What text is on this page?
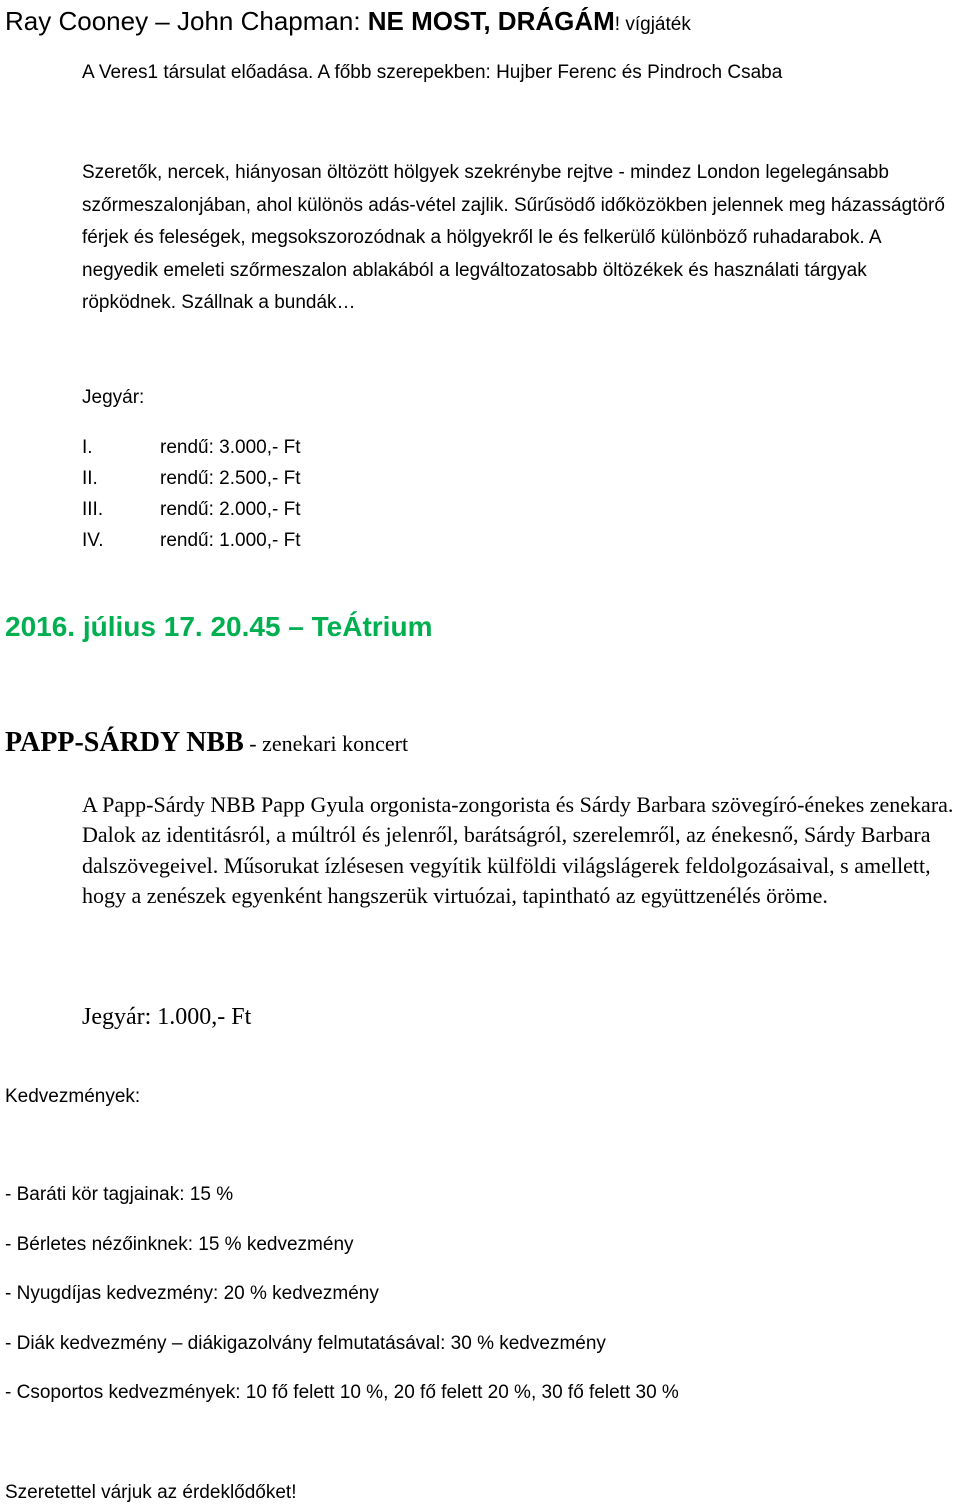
Ray Cooney – John Chapman: NE MOST, DRÁGÁM! vígjáték
A Veres1 társulat előadása. A főbb szerepekben: Hujber Ferenc és Pindroch Csaba
Szeretők, nercek, hiányosan öltözött hölgyek szekrénybe rejtve - mindez London legelegánsabb szőrmeszalonjában, ahol különös adás-vétel zajlik. Sűrűsödő időközökben jelennek meg házasságtörő férjek és feleségek, megsokszorozódnak a hölgyekről le és felkerülő különböző ruhadarabok. A negyedik emeleti szőrmeszalon ablakából a legváltozatosabb öltözékek és használati tárgyak röpködnek. Szállnak a bundák…
Jegyár:
I.	rendű: 3.000,- Ft
II.	rendű: 2.500,- Ft
III.	rendű: 2.000,- Ft
IV.	rendű: 1.000,- Ft
2016. július 17. 20.45 – TeÁtrium
PAPP-SÁRDY NBB - zenekari koncert
A Papp-Sárdy NBB Papp Gyula orgonista-zongorista és Sárdy Barbara szövegíró-énekes zenekara. Dalok az identitásról, a múltról és jelenről, barátságról, szerelemről, az énekesnő, Sárdy Barbara dalszövegeivel. Műsorukat ízlésesen vegyítik külföldi világslágerek feldolgozásaival, s amellett, hogy a zenészek egyenként hangszerük virtuózai, tapintható az együttzenélés öröme.
Jegyár: 1.000,- Ft
Kedvezmények:
- Baráti kör tagjainak: 15 %
- Bérletes nézőinknek: 15 % kedvezmény
- Nyugdíjas kedvezmény: 20 % kedvezmény
- Diák kedvezmény – diákigazolvány felmutatásával: 30 % kedvezmény
- Csoportos kedvezmények: 10 fő felett 10 %, 20 fő felett 20 %, 30 fő felett 30 %
Szeretettel várjuk az érdeklődőket!
